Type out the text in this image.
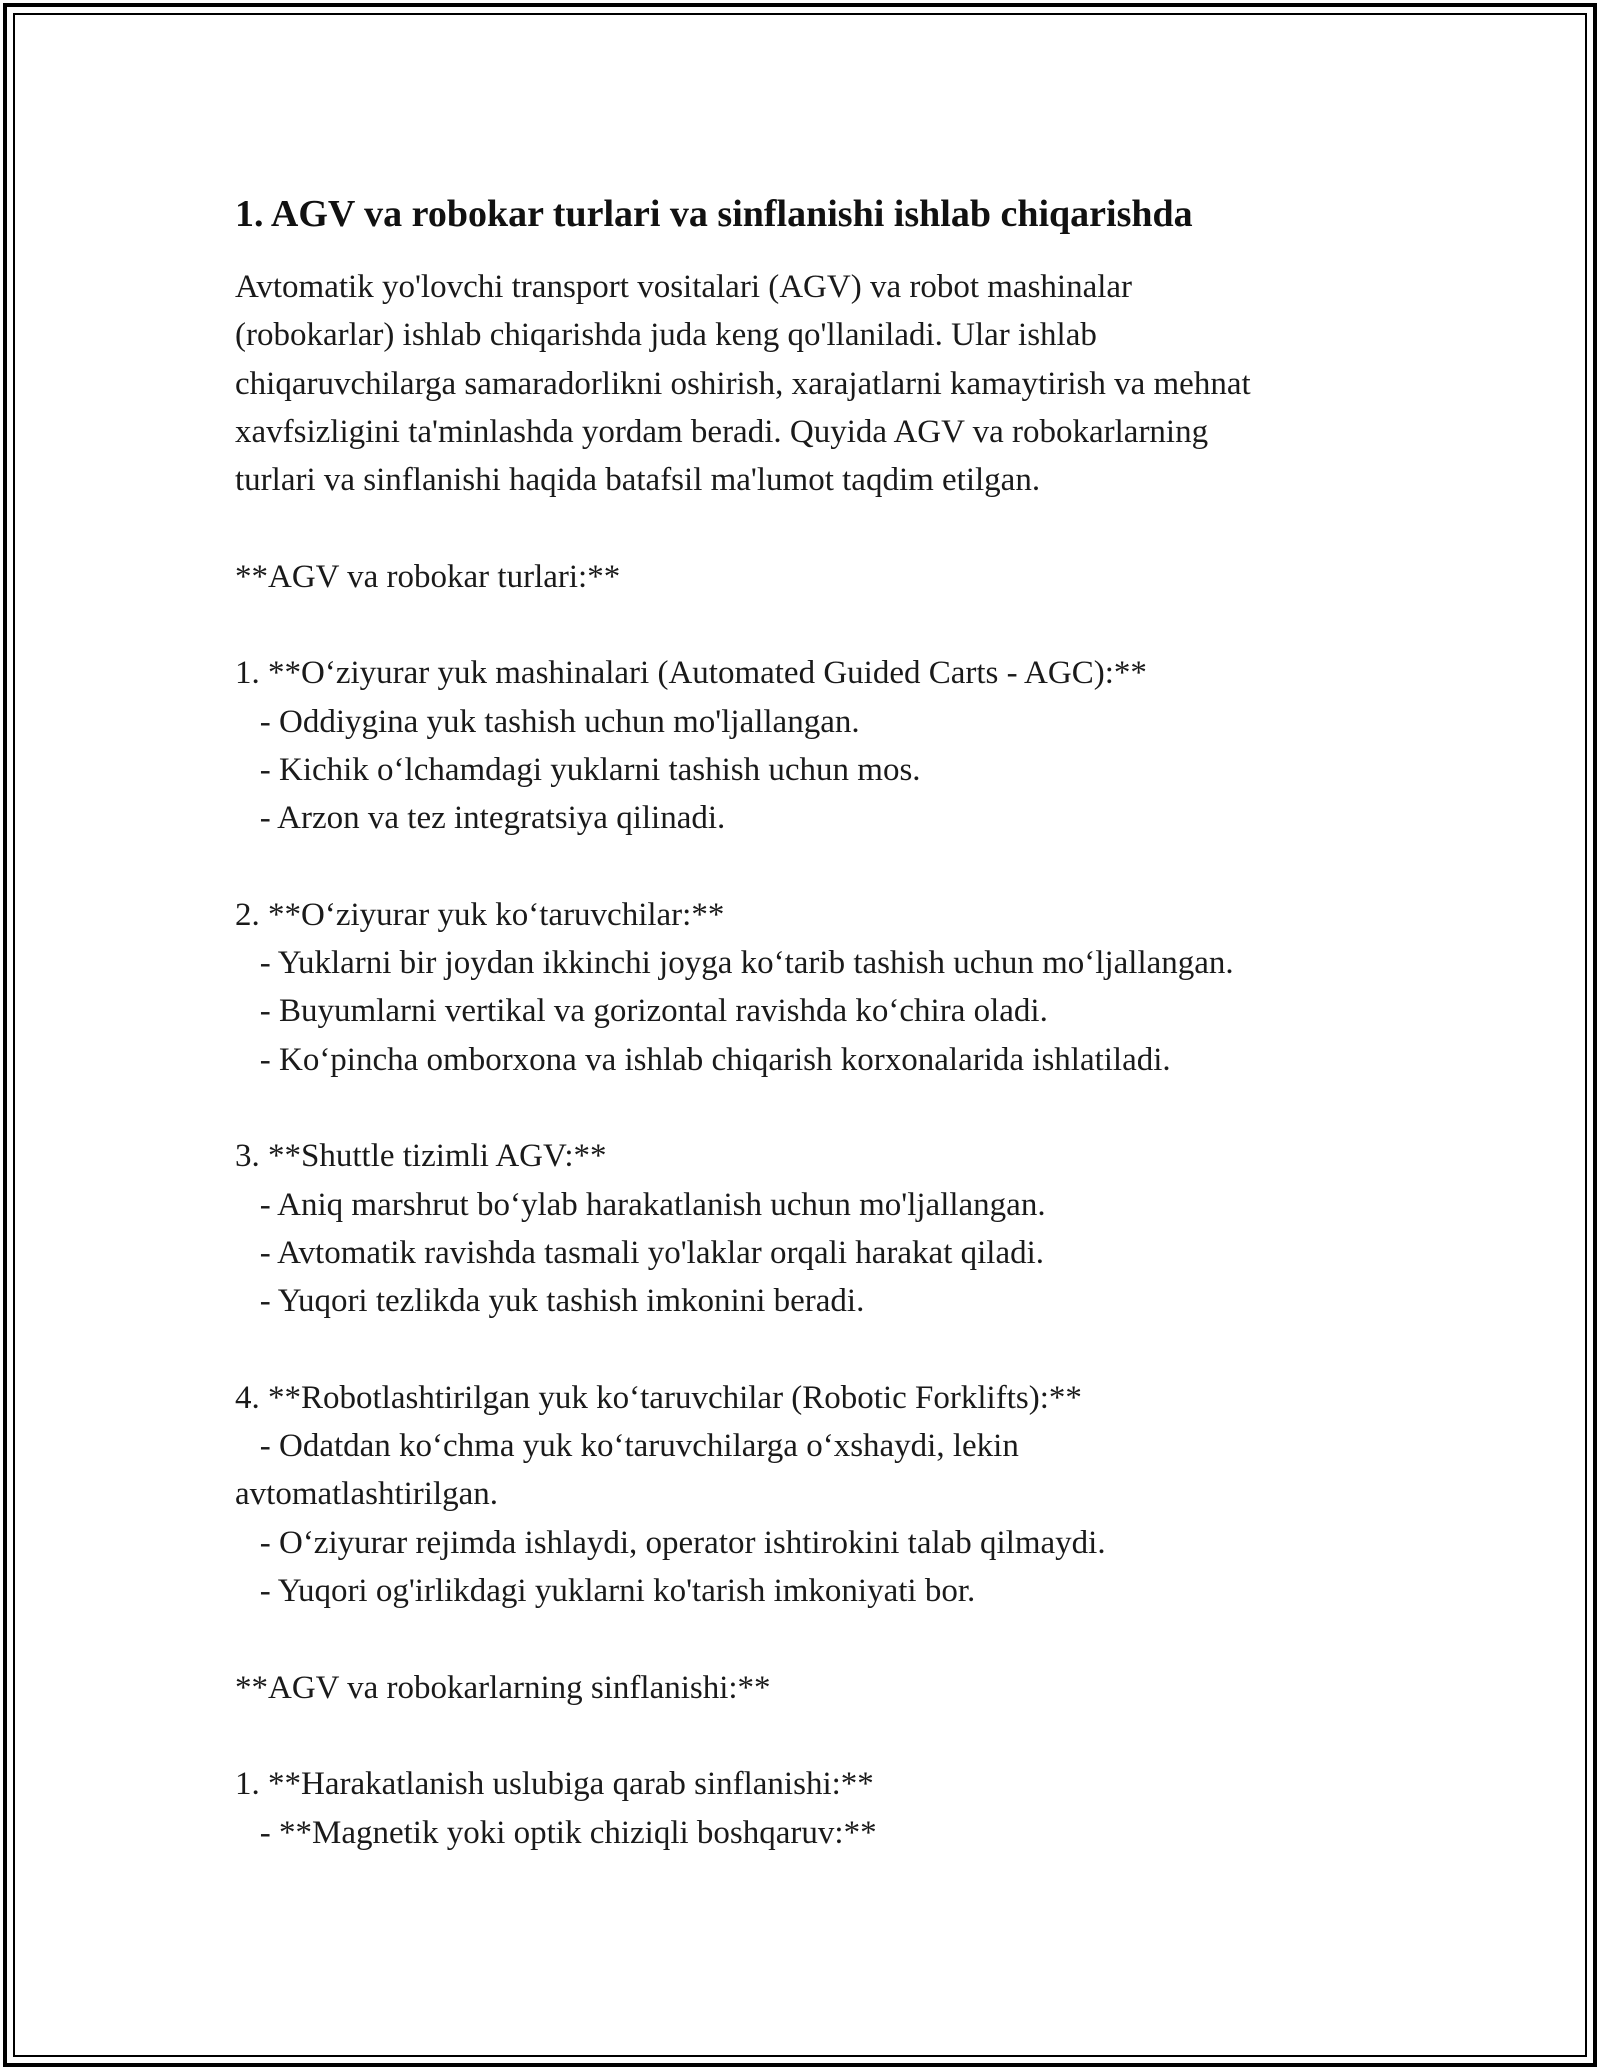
1. AGV va robokar turlari va sinflanishi ishlab chiqarishda
Avtomatik yo'lovchi transport vositalari (AGV) va robot mashinalar
(robokarlar) ishlab chiqarishda juda keng qo'llaniladi. Ular ishlab
chiqaruvchilarga samaradorlikni oshirish, xarajatlarni kamaytirish va mehnat
xavfsizligini ta'minlashda yordam beradi. Quyida AGV va robokarlarning
turlari va sinflanishi haqida batafsil ma'lumot taqdim etilgan.
**AGV va robokar turlari:**
1. **O‘ziyurar yuk mashinalari (Automated Guided Carts - AGC):**
- Oddiygina yuk tashish uchun mo'ljallangan.
- Kichik o‘lchamdagi yuklarni tashish uchun mos.
- Arzon va tez integratsiya qilinadi.
2. **O‘ziyurar yuk ko‘taruvchilar:**
- Yuklarni bir joydan ikkinchi joyga ko‘tarib tashish uchun mo‘ljallangan.
- Buyumlarni vertikal va gorizontal ravishda ko‘chira oladi.
- Ko‘pincha omborxona va ishlab chiqarish korxonalarida ishlatiladi.
3. **Shuttle tizimli AGV:**
- Aniq marshrut bo‘ylab harakatlanish uchun mo'ljallangan.
- Avtomatik ravishda tasmali yo'laklar orqali harakat qiladi.
- Yuqori tezlikda yuk tashish imkonini beradi.
4. **Robotlashtirilgan yuk ko‘taruvchilar (Robotic Forklifts):**
- Odatdan ko‘chma yuk ko‘taruvchilarga o‘xshaydi, lekin
avtomatlashtirilgan.
- O‘ziyurar rejimda ishlaydi, operator ishtirokini talab qilmaydi.
- Yuqori og'irlikdagi yuklarni ko'tarish imkoniyati bor.
**AGV va robokarlarning sinflanishi:**
1. **Harakatlanish uslubiga qarab sinflanishi:**
- **Magnetik yoki optik chiziqli boshqaruv:**
